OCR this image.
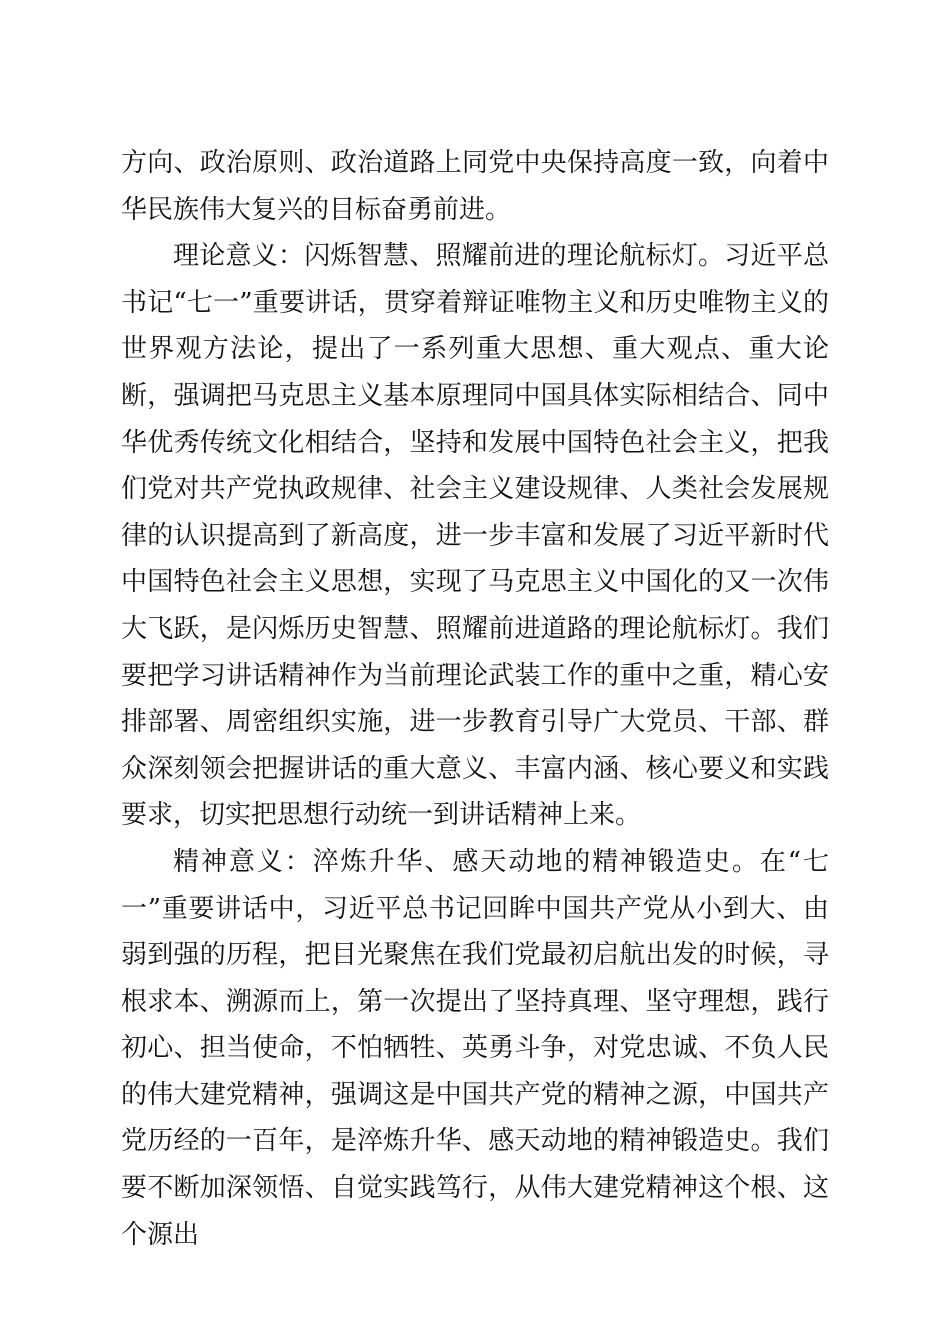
方向、政治原则、政治道路上同党中央保持高度一致，向着中华民族伟大复兴的目标奋勇前进。

理论意义：闪烁智慧、照耀前进的理论航标灯。习近平总书记“七一”重要讲话，贯穿着辩证唯物主义和历史唯物主义的世界观方法论，提出了一系列重大思想、重大观点、重大论断，强调把马克思主义基本原理同中国具体实际相结合、同中华优秀传统文化相结合，坚持和发展中国特色社会主义，把我们党对共产党执政规律、社会主义建设规律、人类社会发展规律的认识提高到了新高度，进一步丰富和发展了习近平新时代中国特色社会主义思想，实现了马克思主义中国化的又一次伟大飞跃，是闪烁历史智慧、照耀前进道路的理论航标灯。我们要把学习讲话精神作为当前理论武装工作的重中之重，精心安排部署、周密组织实施，进一步教育引导广大党员、干部、群众深刻领会把握讲话的重大意义、丰富内涵、核心要义和实践要求，切实把思想行动统一到讲话精神上来。

精神意义：淬炼升华、感天动地的精神锻造史。在“七一”重要讲话中，习近平总书记回眸中国共产党从小到大、由弱到强的历程，把目光聚焦在我们党最初启航出发的时候，寻根求本、溯源而上，第一次提出了坚持真理、坚守理想，践行初心、担当使命，不怕牺牲、英勇斗争，对党忠诚、不负人民的伟大建党精神，强调这是中国共产党的精神之源，中国共产党历经的一百年，是淬炼升华、感天动地的精神锻造史。我们要不断加深领悟、自觉实践笃行，从伟大建党精神这个根、这个源出
